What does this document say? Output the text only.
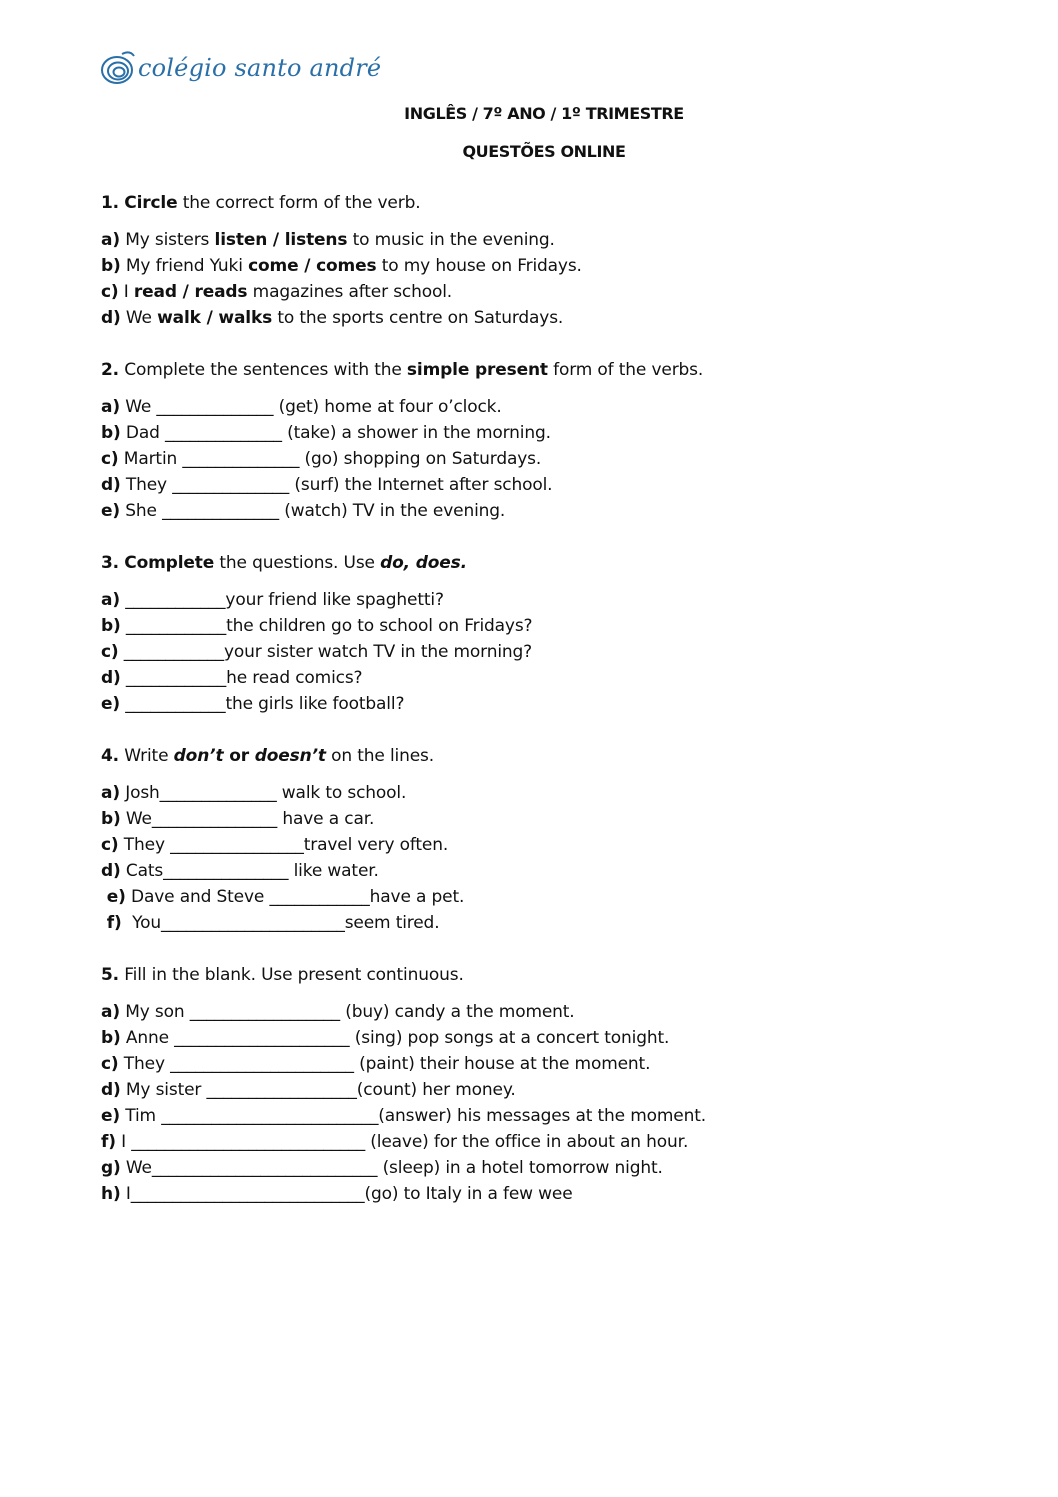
colégio santo andré
INGLÊS / 7º ANO / 1º TRIMESTRE
QUESTÕES ONLINE
1. Circle the correct form of the verb.
a) My sisters listen / listens to music in the evening.
b) My friend Yuki come / comes to my house on Fridays.
c) I read / reads magazines after school.
d) We walk / walks to the sports centre on Saturdays.
2. Complete the sentences with the simple present form of the verbs.
a) We ______________ (get) home at four o’clock.
b) Dad ______________ (take) a shower in the morning.
c) Martin ______________ (go) shopping on Saturdays.
d) They ______________ (surf) the Internet after school.
e) She ______________ (watch) TV in the evening.
3. Complete the questions. Use do, does.
a) ____________your friend like spaghetti?
b) ____________the children go to school on Fridays?
c) ____________your sister watch TV in the morning?
d) ____________he read comics?
e) ____________the girls like football?
4. Write don’t or doesn’t on the lines.
a) Josh______________ walk to school.
b) We_______________ have a car.
c) They ________________travel very often.
d) Cats_______________ like water.
e) Dave and Steve ____________have a pet.
f)  You______________________seem tired.
5. Fill in the blank. Use present continuous.
a) My son __________________ (buy) candy a the moment.
b) Anne _____________________ (sing) pop songs at a concert tonight.
c) They ______________________ (paint) their house at the moment.
d) My sister __________________(count) her money.
e) Tim __________________________(answer) his messages at the moment.
f) I ____________________________ (leave) for the office in about an hour.
g) We___________________________ (sleep) in a hotel tomorrow night.
h) I____________________________(go) to Italy in a few wee
